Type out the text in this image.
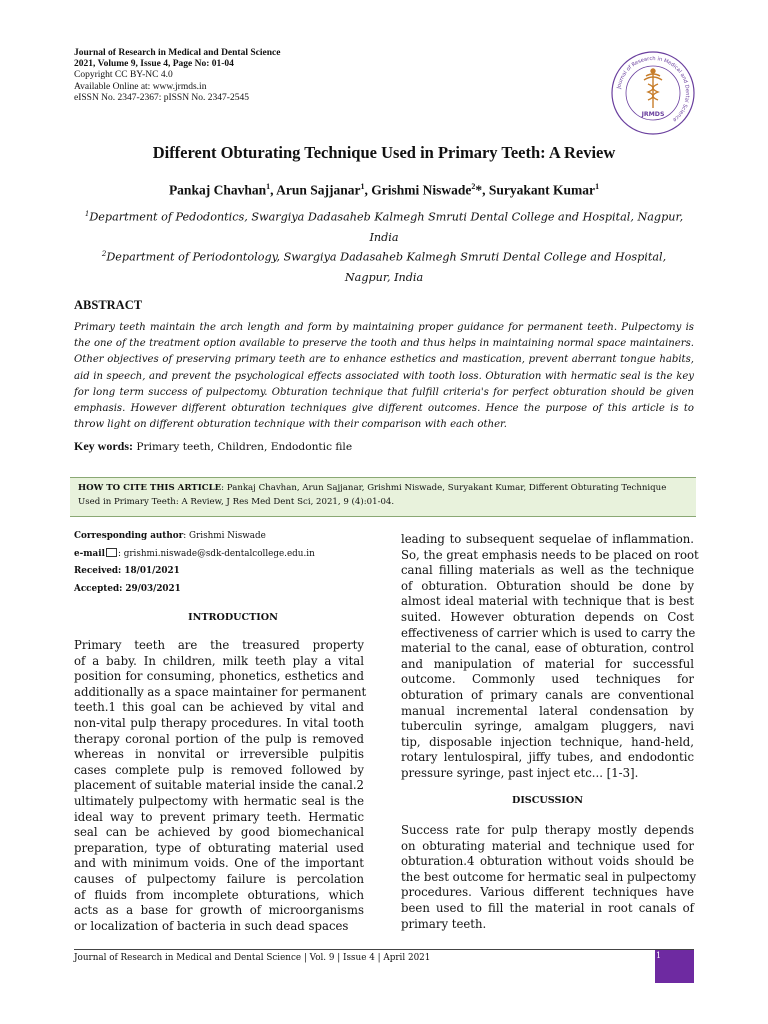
Journal of Research in Medical and Dental Science
2021, Volume 9, Issue 4, Page No: 01-04
Copyright CC BY-NC 4.0
Available Online at: www.jrmds.in
eISSN No. 2347-2367: pISSN No. 2347-2545
Journal of Research in Medical and Dental Science
JRMDS
Different Obturating Technique Used in Primary Teeth: A Review
Pankaj Chavhan$^1$, Arun Sajjanar$^1$, Grishmi Niswade$^2$*, Suryakant Kumar$^1$
$^1$Department of Pedodontics, Swargiya Dadasaheb Kalmegh Smruti Dental College and Hospital, Nagpur,
India
$^2$Department of Periodontology, Swargiya Dadasaheb Kalmegh Smruti Dental College and Hospital,
Nagpur, India
ABSTRACT
Primary teeth maintain the arch length and form by maintaining proper guidance for permanent teeth. Pulpectomy is the one of the treatment option available to preserve the tooth and thus helps in maintaining normal space maintainers. Other objectives of preserving primary teeth are to enhance esthetics and mastication, prevent aberrant tongue habits, aid in speech, and prevent the psychological effects associated with tooth loss. Obturation with hermatic seal is the key for long term success of pulpectomy. Obturation technique that fulfill criteria's for perfect obturation should be given emphasis. However different obturation techniques give different outcomes. Hence the purpose of this article is to throw light on different obturation technique with their comparison with each other.
Key words: Primary teeth, Children, Endodontic file
HOW TO CITE THIS ARTICLE: Pankaj Chavhan, Arun Sajjanar, Grishmi Niswade, Suryakant Kumar, Different Obturating Technique Used in Primary Teeth: A Review, J Res Med Dent Sci, 2021, 9 (4):01-04.
Corresponding author: Grishmi Niswade
e-mail : grishmi.niswade@sdk-dentalcollege.edu.in
Received: 18/01/2021
Accepted: 29/03/2021
INTRODUCTION
Primary teeth are the treasured property
of a baby. In children, milk teeth play a vital
position for consuming, phonetics, esthetics and
additionally as a space maintainer for permanent
teeth.1 this goal can be achieved by vital and
non-vital pulp therapy procedures. In vital tooth
therapy coronal portion of the pulp is removed
whereas in nonvital or irreversible pulpitis
cases complete pulp is removed followed by
placement of suitable material inside the canal.2
ultimately pulpectomy with hermatic seal is the
ideal way to prevent primary teeth. Hermatic
seal can be achieved by good biomechanical
preparation, type of obturating material used
and with minimum voids. One of the important
causes of pulpectomy failure is percolation
of fluids from incomplete obturations, which
acts as a base for growth of microorganisms
or localization of bacteria in such dead spaces
leading to subsequent sequelae of inflammation.
So, the great emphasis needs to be placed on root
canal filling materials as well as the technique
of obturation. Obturation should be done by
almost ideal material with technique that is best
suited. However obturation depends on Cost
effectiveness of carrier which is used to carry the
material to the canal, ease of obturation, control
and manipulation of material for successful
outcome. Commonly used techniques for
obturation of primary canals are conventional
manual incremental lateral condensation by
tuberculin syringe, amalgam pluggers, navi
tip, disposable injection technique, hand-held,
rotary lentulospiral, jiffy tubes, and endodontic
pressure syringe, past inject etc... [1-3].
DISCUSSION
Success rate for pulp therapy mostly depends
on obturating material and technique used for
obturation.4 obturation without voids should be
the best outcome for hermatic seal in pulpectomy
procedures. Various different techniques have
been used to fill the material in root canals of
primary teeth.
Journal of Research in Medical and Dental Science | Vol. 9 | Issue 4 | April 2021	1
